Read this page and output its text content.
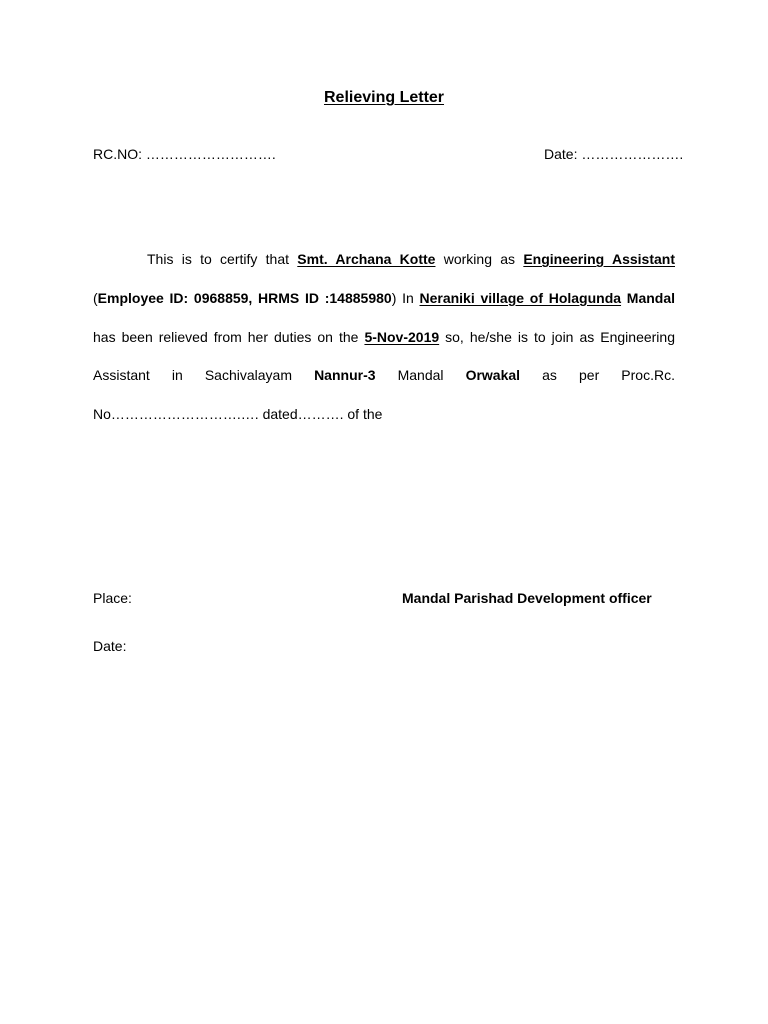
Relieving Letter
RC.NO: ……………………….	Date: ………………….
This is to certify that Smt. Archana Kotte working as Engineering Assistant (Employee ID: 0968859, HRMS ID :14885980) In Neraniki village of Holagunda Mandal has been relieved from her duties on the 5-Nov-2019 so, he/she is to join as Engineering Assistant in Sachivalayam Nannur-3 Mandal Orwakal as per Proc.Rc. No……………………….…. dated………. of the
Place:	Mandal Parishad Development officer
Date:
